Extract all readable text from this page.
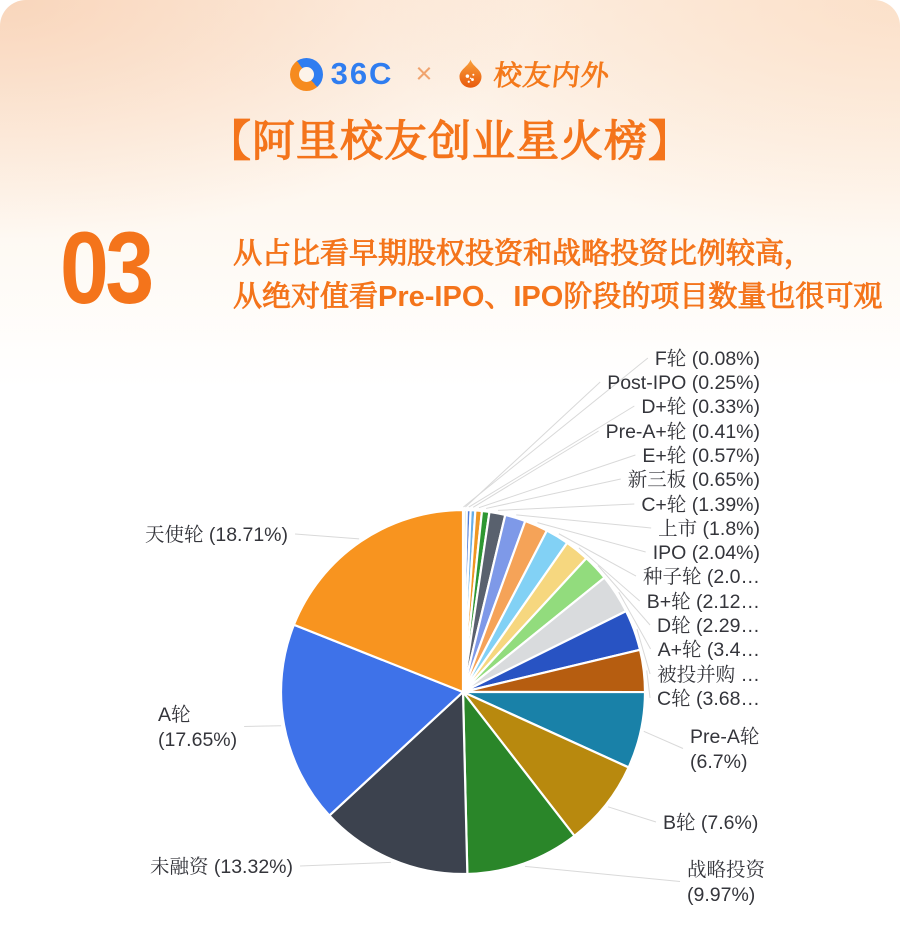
36C × 校友内外
【阿里校友创业星火榜】
03	从占比看早期股权投资和战略投资比例较高，
从绝对值看Pre-IPO、IPO阶段的项目数量也很可观
F轮 (0.08%)
Post-IPO (0.25%)
D+轮 (0.33%)
Pre-A+轮 (0.41%)
E+轮 (0.57%)
新三板 (0.65%)
C+轮 (1.39%)
上市 (1.8%)
IPO (2.04%)
种子轮 (2.0…
B+轮 (2.12…
D轮 (2.29…
A+轮 (3.4…
被投并购 …
C轮 (3.68…
Pre-A轮
(6.7%)
B轮 (7.6%)
战略投资
(9.97%)
未融资 (13.32%)
A轮
(17.65%)
天使轮 (18.71%)
